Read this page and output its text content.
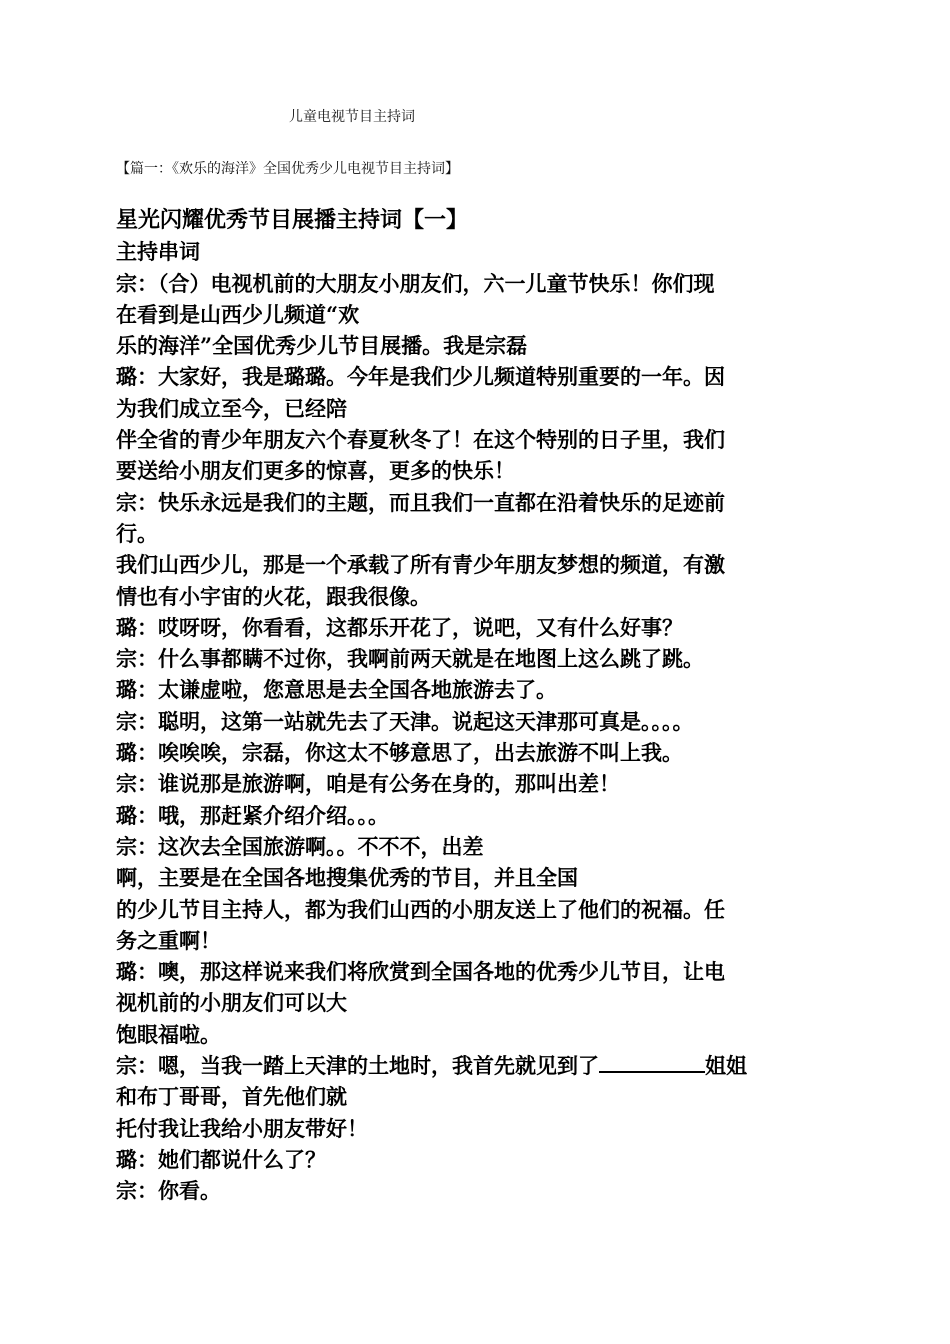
儿童电视节目主持词
【篇一：《欢乐的海洋》全国优秀少儿电视节目主持词】
星光闪耀优秀节目展播主持词【一】
主持串词
宗：（合）电视机前的大朋友小朋友们，六一儿童节快乐！你们现
在看到是山西少儿频道“欢
乐的海洋”全国优秀少儿节目展播。我是宗磊
璐：大家好，我是璐璐。今年是我们少儿频道特别重要的一年。因
为我们成立至今，已经陪
伴全省的青少年朋友六个春夏秋冬了！在这个特别的日子里，我们
要送给小朋友们更多的惊喜，更多的快乐！
宗：快乐永远是我们的主题，而且我们一直都在沿着快乐的足迹前
行。
我们山西少儿，那是一个承载了所有青少年朋友梦想的频道，有激
情也有小宇宙的火花，跟我很像。
璐：哎呀呀，你看看，这都乐开花了，说吧，又有什么好事？
宗：什么事都瞒不过你，我啊前两天就是在地图上这么跳了跳。
璐：太谦虚啦，您意思是去全国各地旅游去了。
宗：聪明，这第一站就先去了天津。说起这天津那可真是。。。。
璐：唉唉唉，宗磊，你这太不够意思了，出去旅游不叫上我。
宗：谁说那是旅游啊，咱是有公务在身的，那叫出差！
璐：哦，那赶紧介绍介绍。。。
宗：这次去全国旅游啊。。不不不，出差
啊，主要是在全国各地搜集优秀的节目，并且全国
的少儿节目主持人，都为我们山西的小朋友送上了他们的祝福。任
务之重啊！
璐：噢，那这样说来我们将欣赏到全国各地的优秀少儿节目，让电
视机前的小朋友们可以大
饱眼福啦。
宗：嗯，当我一踏上天津的土地时，我首先就见到了	姐姐
和布丁哥哥，首先他们就
托付我让我给小朋友带好！
璐：她们都说什么了？
宗：你看。
